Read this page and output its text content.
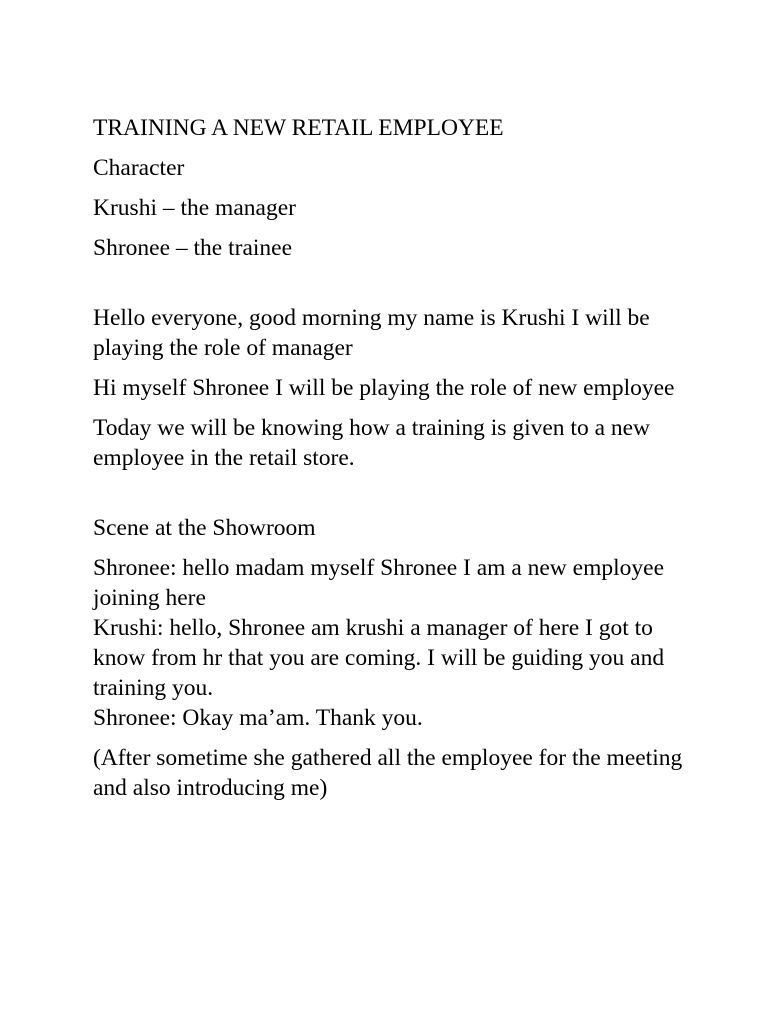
TRAINING A NEW RETAIL EMPLOYEE

Character

Krushi – the manager

Shronee – the trainee

Hello everyone, good morning my name is Krushi I will be playing the role of manager

Hi myself Shronee I will be playing the role of new employee

Today we will be knowing how a training is given to a new employee in the retail store.

Scene at the Showroom

Shronee: hello madam myself Shronee I am a new employee joining here

Krushi: hello, Shronee am krushi a manager of here I got to know from hr that you are coming. I will be guiding you and training you.

Shronee: Okay ma’am. Thank you.

(After sometime she gathered all the employee for the meeting and also introducing me)
